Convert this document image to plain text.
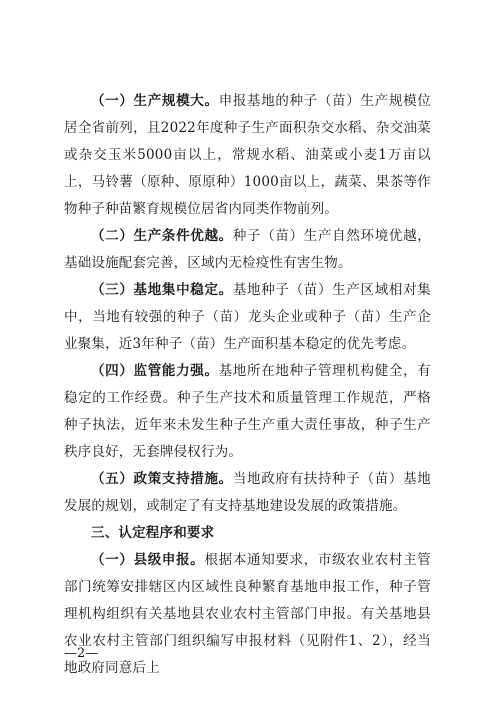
（一）生产规模大。申报基地的种子（苗）生产规模位居全省前列，且2022年度种子生产面积杂交水稻、杂交油菜或杂交玉米5000亩以上，常规水稻、油菜或小麦1万亩以上，马铃薯（原种、原原种）1000亩以上，蔬菜、果茶等作物种子种苗繁育规模位居省内同类作物前列。

（二）生产条件优越。种子（苗）生产自然环境优越，基础设施配套完善，区域内无检疫性有害生物。

（三）基地集中稳定。基地种子（苗）生产区域相对集中，当地有较强的种子（苗）龙头企业或种子（苗）生产企业聚集，近3年种子（苗）生产面积基本稳定的优先考虑。

（四）监管能力强。基地所在地种子管理机构健全，有稳定的工作经费。种子生产技术和质量管理工作规范，严格种子执法，近年来未发生种子生产重大责任事故，种子生产秩序良好，无套牌侵权行为。

（五）政策支持措施。当地政府有扶持种子（苗）基地发展的规划，或制定了有支持基地建设发展的政策措施。

三、认定程序和要求

（一）县级申报。根据本通知要求，市级农业农村主管部门统筹安排辖区内区域性良种繁育基地申报工作，种子管理机构组织有关基地县农业农村主管部门申报。有关基地县农业农村主管部门组织编写申报材料（见附件1、2），经当地政府同意后上

—2—
